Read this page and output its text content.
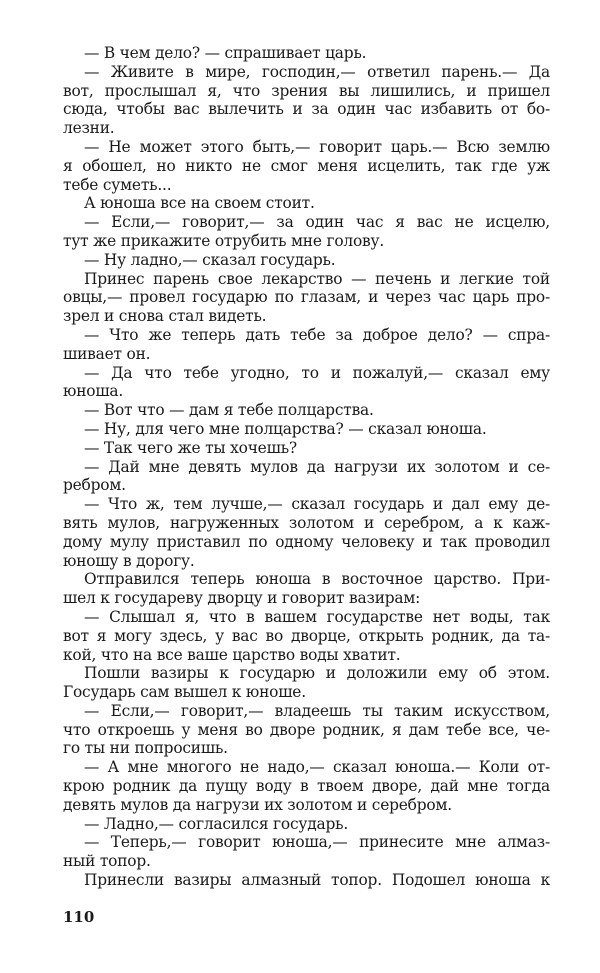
— В чем дело? — спрашивает царь.
— Живите в мире, господин,— ответил парень.— Да
вот, прослышал я, что зрения вы лишились, и пришел
сюда, чтобы вас вылечить и за один час избавить от бо-
лезни.
— Не может этого быть,— говорит царь.— Всю землю
я обошел, но никто не смог меня исцелить, так где уж
тебе суметь...
А юноша все на своем стоит.
— Если,— говорит,— за один час я вас не исцелю,
тут же прикажите отрубить мне голову.
— Ну ладно,— сказал государь.
Принес парень свое лекарство — печень и легкие той
овцы,— провел государю по глазам, и через час царь про-
зрел и снова стал видеть.
— Что же теперь дать тебе за доброе дело? — спра-
шивает он.
— Да что тебе угодно, то и пожалуй,— сказал ему
юноша.
— Вот что — дам я тебе полцарства.
— Ну, для чего мне полцарства? — сказал юноша.
— Так чего же ты хочешь?
— Дай мне девять мулов да нагрузи их золотом и се-
ребром.
— Что ж, тем лучше,— сказал государь и дал ему де-
вять мулов, нагруженных золотом и серебром, а к каж-
дому мулу приставил по одному человеку и так проводил
юношу в дорогу.
Отправился теперь юноша в восточное царство. При-
шел к государеву дворцу и говорит вазирам:
— Слышал я, что в вашем государстве нет воды, так
вот я могу здесь, у вас во дворце, открыть родник, да та-
кой, что на все ваше царство воды хватит.
Пошли вазиры к государю и доложили ему об этом.
Государь сам вышел к юноше.
— Если,— говорит,— владеешь ты таким искусством,
что откроешь у меня во дворе родник, я дам тебе все, че-
го ты ни попросишь.
— А мне многого не надо,— сказал юноша.— Коли от-
крою родник да пущу воду в твоем дворе, дай мне тогда
девять мулов да нагрузи их золотом и серебром.
— Ладно,— согласился государь.
— Теперь,— говорит юноша,— принесите мне алмаз-
ный топор.
Принесли вазиры алмазный топор. Подошел юноша к
110
